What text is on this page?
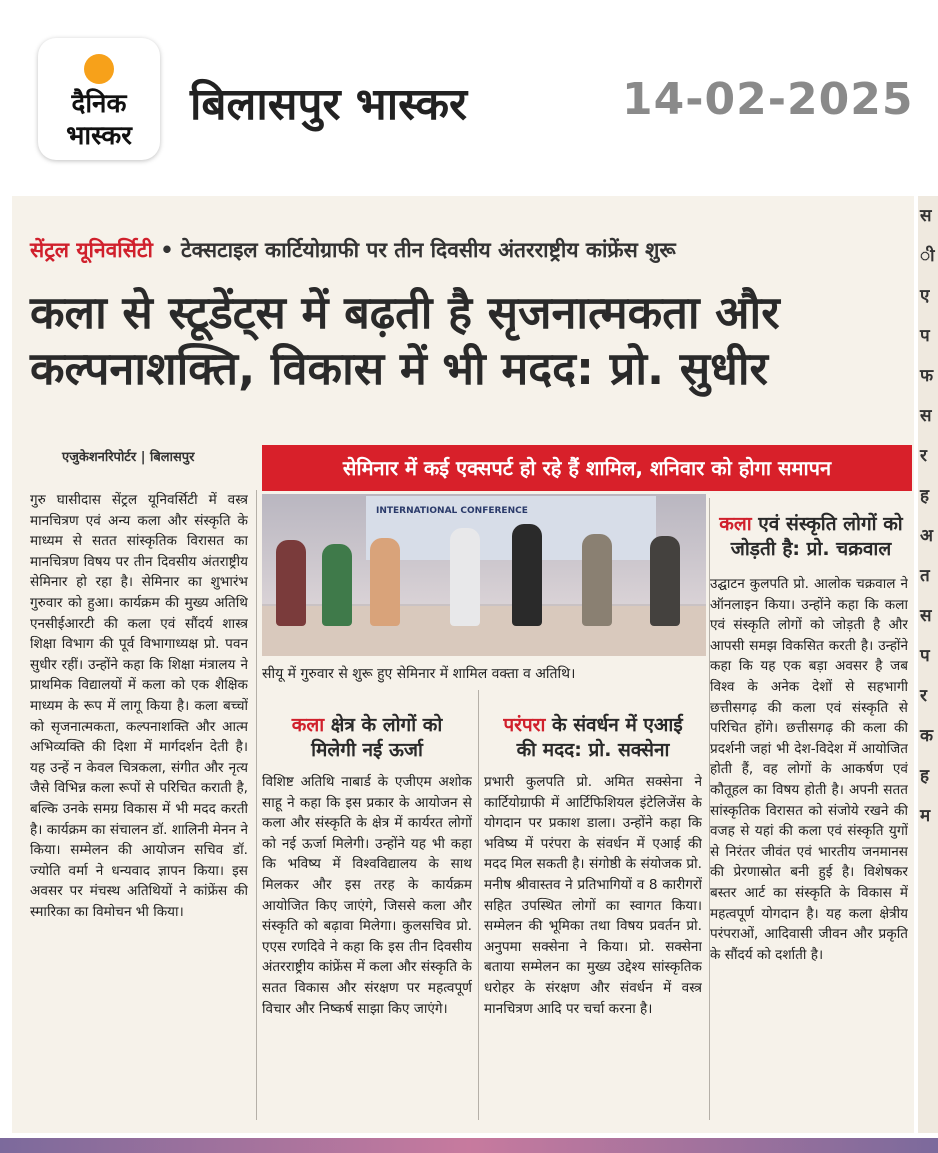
दैनिक
भास्कर
बिलासपुर भास्कर	14-02-2025
स
ी
ए
प
फ
स
र
ह
अ
त
स
प
र
क
ह
म
सेंट्रल यूनिवर्सिटी • टेक्सटाइल कार्टियोग्राफी पर तीन दिवसीय अंतरराष्ट्रीय कांफ्रेंस शुरू
कला से स्टूडेंट्स में बढ़ती है सृजनात्मकता और
कल्पनाशक्ति, विकास में भी मदद: प्रो. सुधीर
एजुकेशनरिपोर्टर | बिलासपुर	सेमिनार में कई एक्सपर्ट हो रहे हैं शामिल, शनिवार को होगा समापन
INTERNATIONAL CONFERENCE
सीयू में गुरुवार से शुरू हुए सेमिनार में शामिल वक्ता व अतिथि।
गुरु घासीदास सेंट्रल यूनिवर्सिटी में वस्त्र मानचित्रण एवं अन्य कला और संस्कृति के माध्यम से सतत सांस्कृतिक विरासत का मानचित्रण विषय पर तीन दिवसीय अंतराष्ट्रीय सेमिनार हो रहा है। सेमिनार का शुभारंभ गुरुवार को हुआ। कार्यक्रम की मुख्य अतिथि एनसीईआरटी की कला एवं सौंदर्य शास्त्र शिक्षा विभाग की पूर्व विभागाध्यक्ष प्रो. पवन सुधीर रहीं। उन्होंने कहा कि शिक्षा मंत्रालय ने प्राथमिक विद्यालयों में कला को एक शैक्षिक माध्यम के रूप में लागू किया है। कला बच्चों को सृजनात्मकता, कल्पनाशक्ति और आत्म अभिव्यक्ति की दिशा में मार्गदर्शन देती है। यह उन्हें न केवल चित्रकला, संगीत और नृत्य जैसे विभिन्न कला रूपों से परिचित कराती है, बल्कि उनके समग्र विकास में भी मदद करती है। कार्यक्रम का संचालन डॉ. शालिनी मेनन ने किया। सम्मेलन की आयोजन सचिव डॉ. ज्योति वर्मा ने धन्यवाद ज्ञापन किया। इस अवसर पर मंचस्थ अतिथियों ने कांफ्रेंस की स्मारिका का विमोचन भी किया।
कला क्षेत्र के लोगों को
मिलेगी नई ऊर्जा
विशिष्ट अतिथि नाबार्ड के एजीएम अशोक साहू ने कहा कि इस प्रकार के आयोजन से कला और संस्कृति के क्षेत्र में कार्यरत लोगों को नई ऊर्जा मिलेगी। उन्होंने यह भी कहा कि भविष्य में विश्वविद्यालय के साथ मिलकर और इस तरह के कार्यक्रम आयोजित किए जाएंगे, जिससे कला और संस्कृति को बढ़ावा मिलेगा। कुलसचिव प्रो. एएस रणदिवे ने कहा कि इस तीन दिवसीय अंतरराष्ट्रीय कांफ्रेंस में कला और संस्कृति के सतत विकास और संरक्षण पर महत्वपूर्ण विचार और निष्कर्ष साझा किए जाएंगे।
परंपरा के संवर्धन में एआई
की मदद: प्रो. सक्सेना
प्रभारी कुलपति प्रो. अमित सक्सेना ने कार्टियोग्राफी में आर्टिफिशियल इंटेलिजेंस के योगदान पर प्रकाश डाला। उन्होंने कहा कि भविष्य में परंपरा के संवर्धन में एआई की मदद मिल सकती है। संगोष्ठी के संयोजक प्रो. मनीष श्रीवास्तव ने प्रतिभागियों व 8 कारीगरों सहित उपस्थित लोगों का स्वागत किया। सम्मेलन की भूमिका तथा विषय प्रवर्तन प्रो. अनुपमा सक्सेना ने किया। प्रो. सक्सेना बताया सम्मेलन का मुख्य उद्देश्य सांस्कृतिक धरोहर के संरक्षण और संवर्धन में वस्त्र मानचित्रण आदि पर चर्चा करना है।
कला एवं संस्कृति लोगों को
जोड़ती है: प्रो. चक्रवाल
उद्घाटन कुलपति प्रो. आलोक चक्रवाल ने ऑनलाइन किया। उन्होंने कहा कि कला एवं संस्कृति लोगों को जोड़ती है और आपसी समझ विकसित करती है। उन्होंने कहा कि यह एक बड़ा अवसर है जब विश्व के अनेक देशों से सहभागी छत्तीसगढ़ की कला एवं संस्कृति से परिचित होंगे। छत्तीसगढ़ की कला की प्रदर्शनी जहां भी देश-विदेश में आयोजित होती हैं, वह लोगों के आकर्षण एवं कौतूहल का विषय होती है। अपनी सतत सांस्कृतिक विरासत को संजोये रखने की वजह से यहां की कला एवं संस्कृति युगों से निरंतर जीवंत एवं भारतीय जनमानस की प्रेरणास्रोत बनी हुई है। विशेषकर बस्तर आर्ट का संस्कृति के विकास में महत्वपूर्ण योगदान है। यह कला क्षेत्रीय परंपराओं, आदिवासी जीवन और प्रकृति के सौंदर्य को दर्शाती है।
